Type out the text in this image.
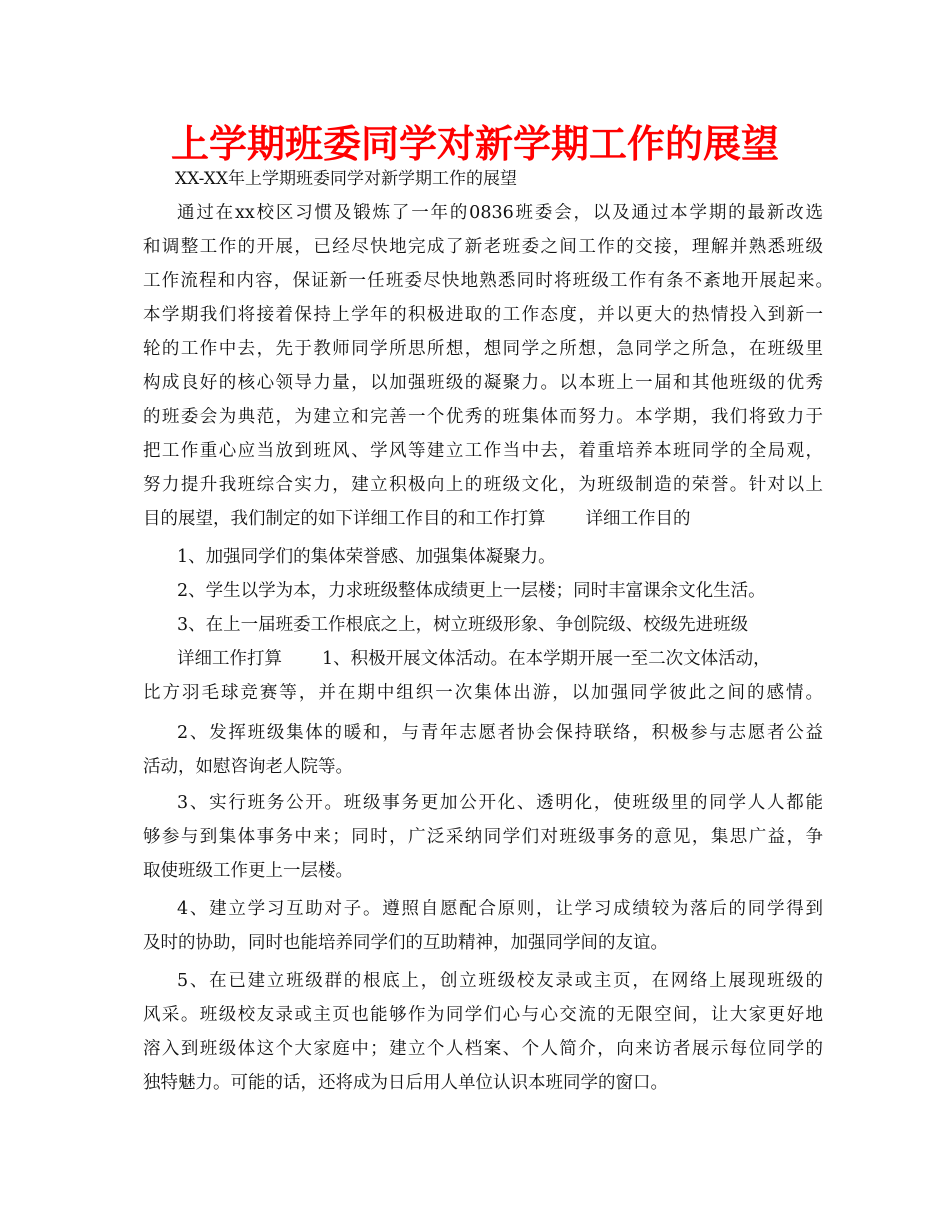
上学期班委同学对新学期工作的展望
XX-XX年上学期班委同学对新学期工作的展望
通过在xx校区习惯及锻炼了一年的0836班委会，以及通过本学期的最新改选
和调整工作的开展，已经尽快地完成了新老班委之间工作的交接，理解并熟悉班级
工作流程和内容，保证新一任班委尽快地熟悉同时将班级工作有条不紊地开展起来。
本学期我们将接着保持上学年的积极进取的工作态度，并以更大的热情投入到新一
轮的工作中去，先于教师同学所思所想，想同学之所想，急同学之所急，在班级里
构成良好的核心领导力量，以加强班级的凝聚力。以本班上一届和其他班级的优秀
的班委会为典范，为建立和完善一个优秀的班集体而努力。本学期，我们将致力于
把工作重心应当放到班风、学风等建立工作当中去，着重培养本班同学的全局观，
努力提升我班综合实力，建立积极向上的班级文化，为班级制造的荣誉。针对以上
目的展望，我们制定的如下详细工作目的和工作打算 详细工作目的
1、加强同学们的集体荣誉感、加强集体凝聚力。
2、学生以学为本，力求班级整体成绩更上一层楼；同时丰富课余文化生活。
3、在上一届班委工作根底之上，树立班级形象、争创院级、校级先进班级
详细工作打算 1、积极开展文体活动。在本学期开展一至二次文体活动，
比方羽毛球竞赛等，并在期中组织一次集体出游，以加强同学彼此之间的感情。
2、发挥班级集体的暖和，与青年志愿者协会保持联络，积极参与志愿者公益
活动，如慰咨询老人院等。
3、实行班务公开。班级事务更加公开化、透明化，使班级里的同学人人都能
够参与到集体事务中来；同时，广泛采纳同学们对班级事务的意见，集思广益，争
取使班级工作更上一层楼。
4、建立学习互助对子。遵照自愿配合原则，让学习成绩较为落后的同学得到
及时的协助，同时也能培养同学们的互助精神，加强同学间的友谊。
5、在已建立班级群的根底上，创立班级校友录或主页，在网络上展现班级的
风采。班级校友录或主页也能够作为同学们心与心交流的无限空间，让大家更好地
溶入到班级体这个大家庭中；建立个人档案、个人简介，向来访者展示每位同学的
独特魅力。可能的话，还将成为日后用人单位认识本班同学的窗口。
